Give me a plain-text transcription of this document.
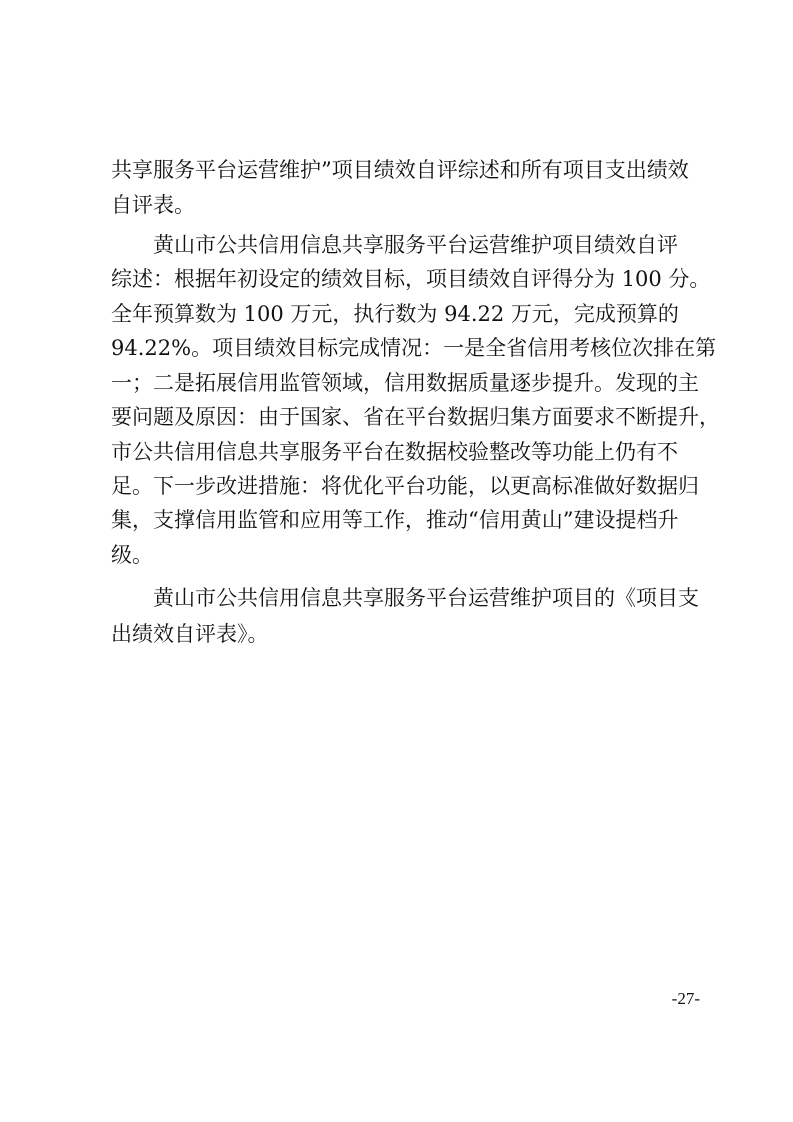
共享服务平台运营维护”项目绩效自评综述和所有项目支出绩效
自评表。
　　黄山市公共信用信息共享服务平台运营维护项目绩效自评
综述：根据年初设定的绩效目标，项目绩效自评得分为 100 分。
全年预算数为 100 万元，执行数为 94.22 万元，完成预算的
94.22%。项目绩效目标完成情况：一是全省信用考核位次排在第
一；二是拓展信用监管领域，信用数据质量逐步提升。发现的主
要问题及原因：由于国家、省在平台数据归集方面要求不断提升，
市公共信用信息共享服务平台在数据校验整改等功能上仍有不
足。下一步改进措施：将优化平台功能，以更高标准做好数据归
集，支撑信用监管和应用等工作，推动“信用黄山”建设提档升
级。
　　黄山市公共信用信息共享服务平台运营维护项目的《项目支
出绩效自评表》。
-27-
